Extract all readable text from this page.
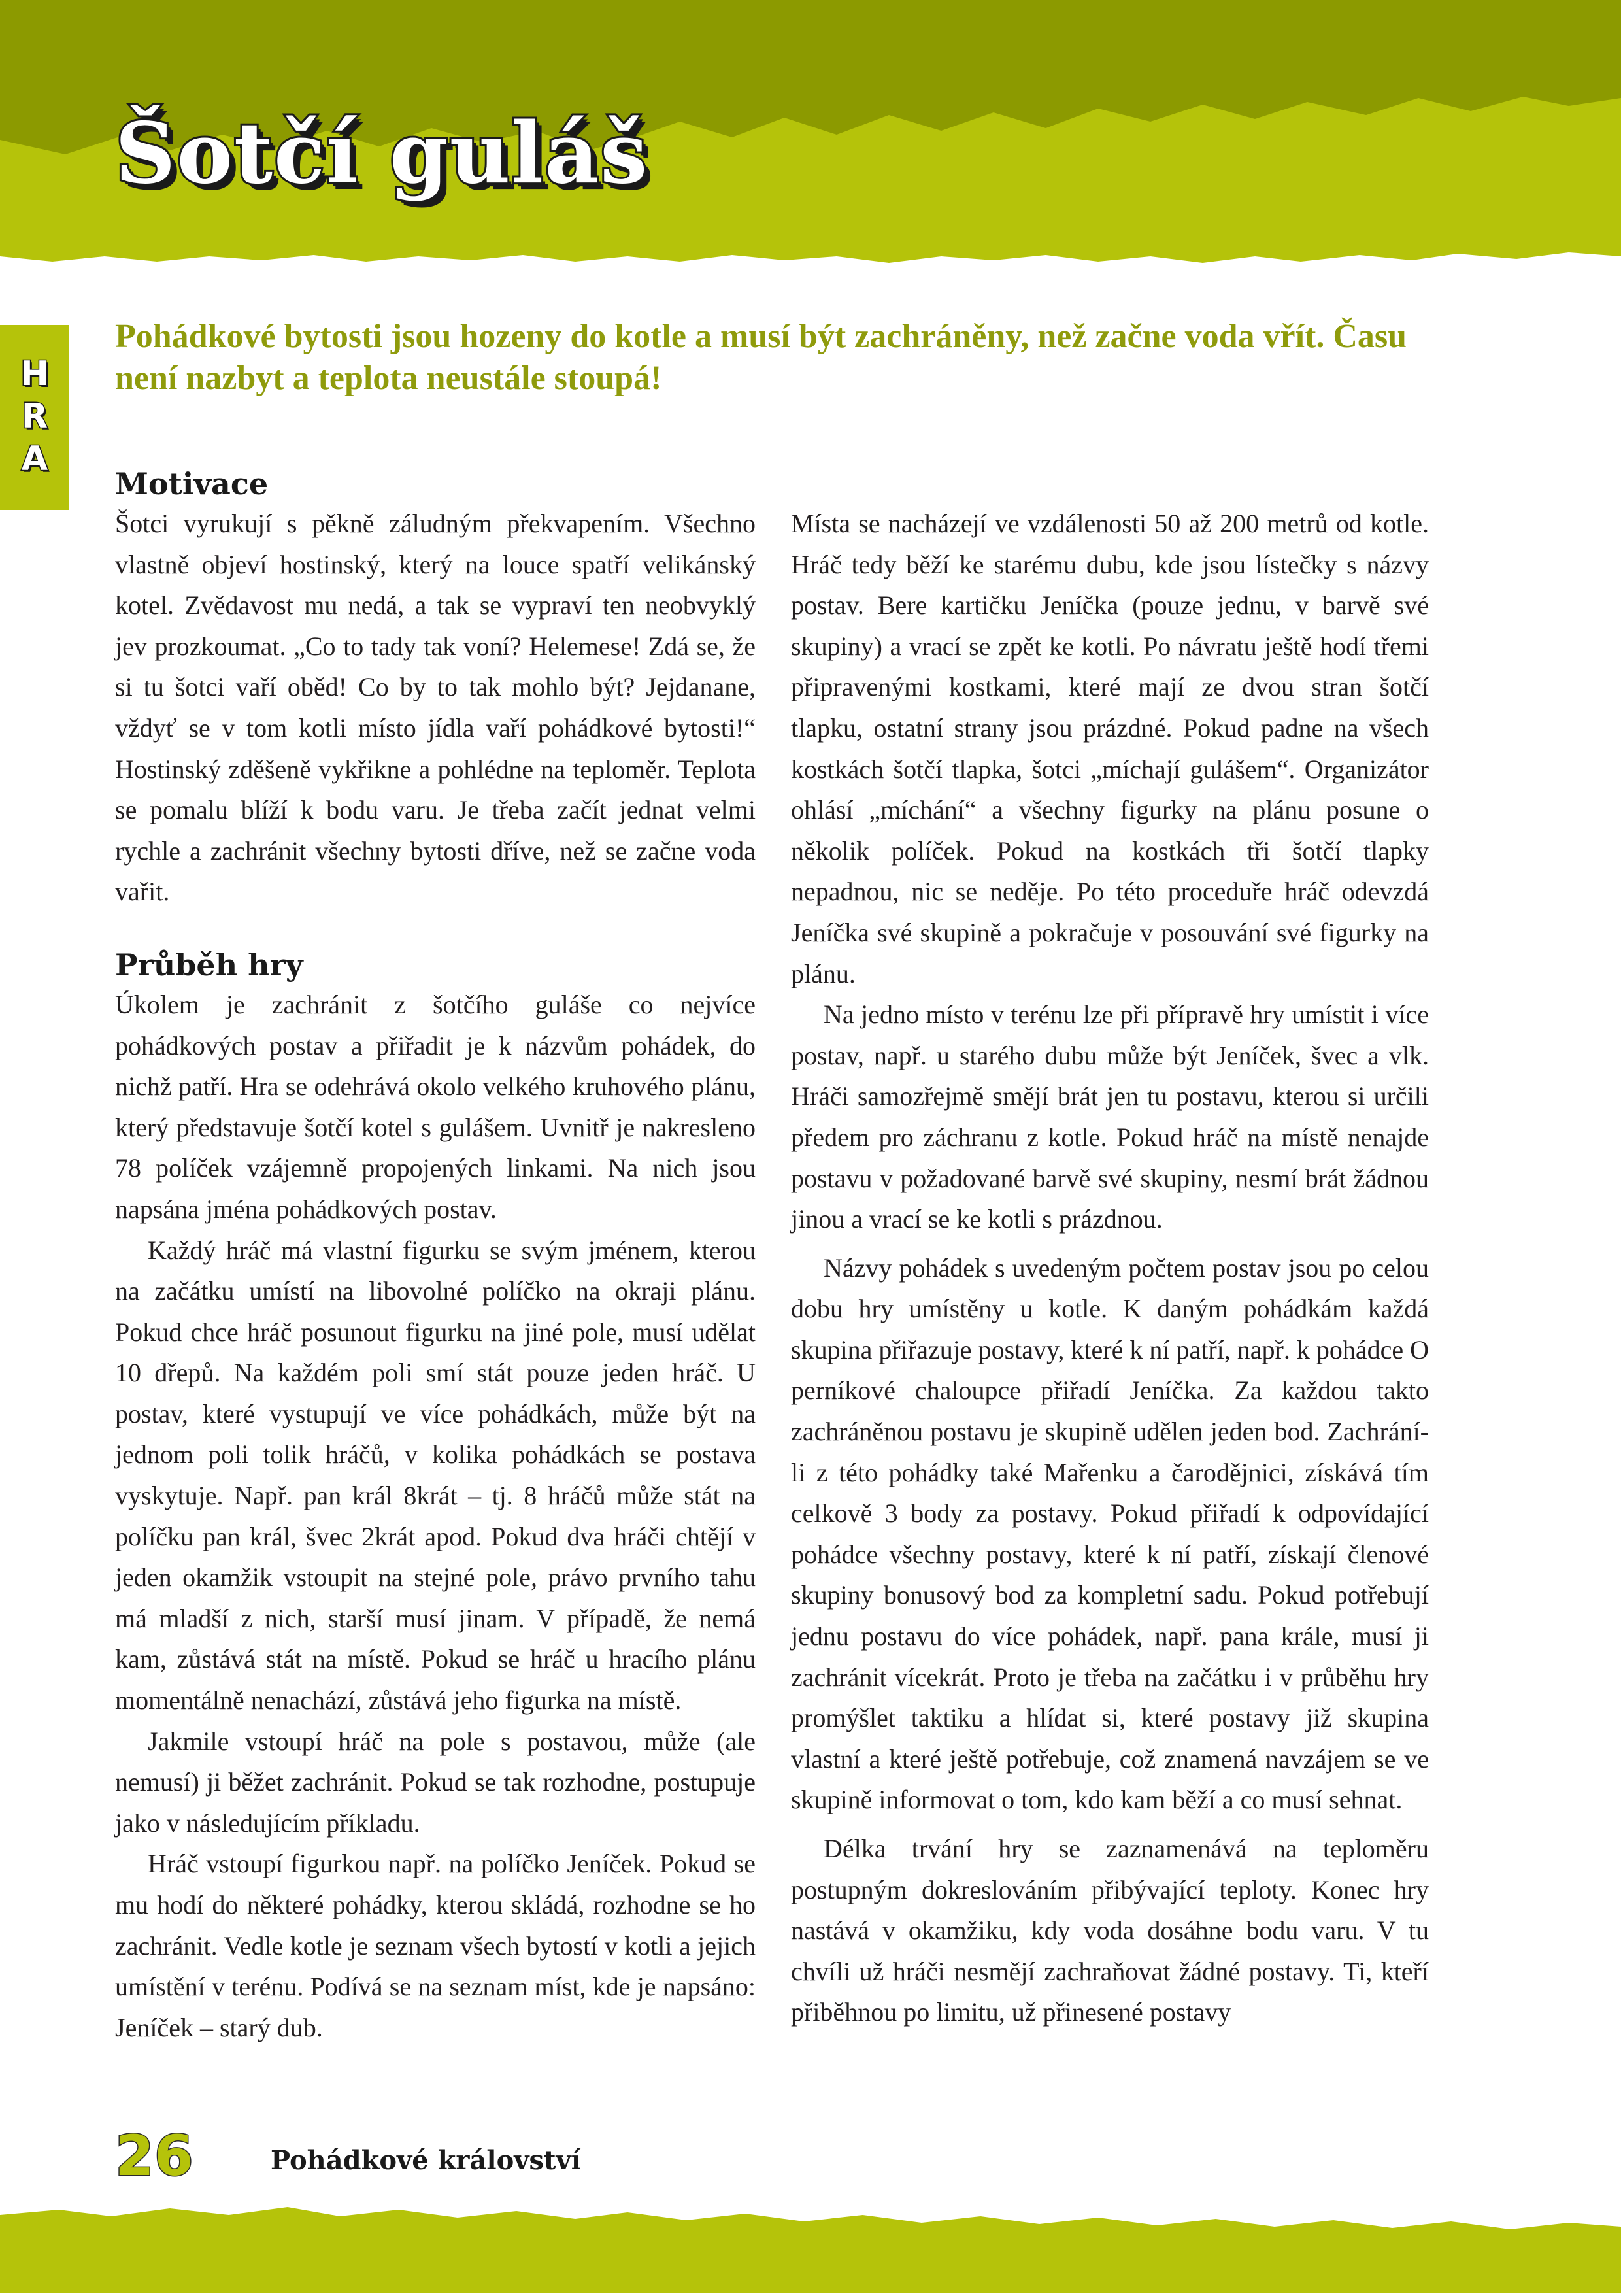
Šotčí guláš
H
R
A

Pohádkové bytosti jsou hozeny do kotle a musí být zachráněny, než začne voda vřít. Času není nazbyt a teplota neustále stoupá!

Motivace

Šotci vyrukují s pěkně záludným překvapením. Všechno vlastně objeví hostinský, který na louce spatří velikánský kotel. Zvědavost mu nedá, a tak se vypraví ten neobvyklý jev prozkoumat. „Co to tady tak voní? Helemese! Zdá se, že si tu šotci vaří oběd! Co by to tak mohlo být? Jejdanane, vždyť se v tom kotli místo jídla vaří pohádkové bytosti!“ Hostinský zděšeně vykřikne a pohlédne na teploměr. Teplota se pomalu blíží k bodu varu. Je třeba začít jednat velmi rychle a zachránit všechny bytosti dříve, než se začne voda vařit.

Průběh hry

Úkolem je zachránit z šotčího guláše co nejvíce pohádkových postav a přiřadit je k názvům pohádek, do nichž patří. Hra se odehrává okolo velkého kruhového plánu, který představuje šotčí kotel s gulášem. Uvnitř je nakresleno 78 políček vzájemně propojených linkami. Na nich jsou napsána jména pohádkových postav.

Každý hráč má vlastní figurku se svým jménem, kterou na začátku umístí na libovolné políčko na okraji plánu. Pokud chce hráč posunout figurku na jiné pole, musí udělat 10 dřepů. Na každém poli smí stát pouze jeden hráč. U postav, které vystupují ve více pohádkách, může být na jednom poli tolik hráčů, v kolika pohádkách se postava vyskytuje. Např. pan král 8krát – tj. 8 hráčů může stát na políčku pan král, švec 2krát apod. Pokud dva hráči chtějí v jeden okamžik vstoupit na stejné pole, právo prvního tahu má mladší z nich, starší musí jinam. V případě, že nemá kam, zůstává stát na místě. Pokud se hráč u hracího plánu momentálně nenachází, zůstává jeho figurka na místě.

Jakmile vstoupí hráč na pole s postavou, může (ale nemusí) ji běžet zachránit. Pokud se tak rozhodne, postupuje jako v následujícím příkladu.

Hráč vstoupí figurkou např. na políčko Jeníček. Pokud se mu hodí do některé pohádky, kterou skládá, rozhodne se ho zachránit. Vedle kotle je seznam všech bytostí v kotli a jejich umístění v terénu. Podívá se na seznam míst, kde je napsáno: Jeníček – starý dub.

Místa se nacházejí ve vzdálenosti 50 až 200 metrů od kotle. Hráč tedy běží ke starému dubu, kde jsou lístečky s názvy postav. Bere kartičku Jeníčka (pouze jednu, v barvě své skupiny) a vrací se zpět ke kotli. Po návratu ještě hodí třemi připravenými kostkami, které mají ze dvou stran šotčí tlapku, ostatní strany jsou prázdné. Pokud padne na všech kostkách šotčí tlapka, šotci „míchají gulášem“. Organizátor ohlásí „míchání“ a všechny figurky na plánu posune o několik políček. Pokud na kostkách tři šotčí tlapky nepadnou, nic se neděje. Po této proceduře hráč odevzdá Jeníčka své skupině a pokračuje v posouvání své figurky na plánu.

Na jedno místo v terénu lze při přípravě hry umístit i více postav, např. u starého dubu může být Jeníček, švec a vlk. Hráči samozřejmě smějí brát jen tu postavu, kterou si určili předem pro záchranu z kotle. Pokud hráč na místě nenajde postavu v požadované barvě své skupiny, nesmí brát žádnou jinou a vrací se ke kotli s prázdnou.

Názvy pohádek s uvedeným počtem postav jsou po celou dobu hry umístěny u kotle. K daným pohádkám každá skupina přiřazuje postavy, které k ní patří, např. k pohádce O perníkové chaloupce přiřadí Jeníčka. Za každou takto zachráněnou postavu je skupině udělen jeden bod. Zachrání-li z této pohádky také Mařenku a čarodějnici, získává tím celkově 3 body za postavy. Pokud přiřadí k odpovídající pohádce všechny postavy, které k ní patří, získají členové skupiny bonusový bod za kompletní sadu. Pokud potřebují jednu postavu do více pohádek, např. pana krále, musí ji zachránit vícekrát. Proto je třeba na začátku i v průběhu hry promýšlet taktiku a hlídat si, které postavy již skupina vlastní a které ještě potřebuje, což znamená navzájem se ve skupině informovat o tom, kdo kam běží a co musí sehnat.

Délka trvání hry se zaznamenává na teploměru postupným dokreslováním přibývající teploty. Konec hry nastává v okamžiku, kdy voda dosáhne bodu varu. V tu chvíli už hráči nesmějí zachraňovat žádné postavy. Ti, kteří přiběhnou po limitu, už přinesené postavy

26	Pohádkové království
